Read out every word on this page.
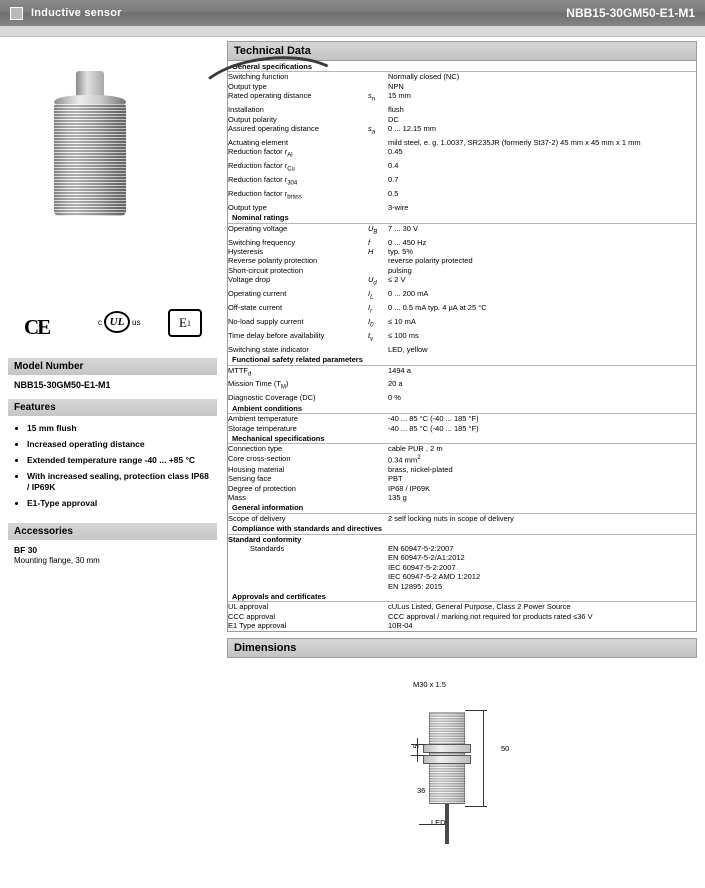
Inductive sensor	NBB15-30GM50-E1-M1
CE	c UL us	E 1
Model Number
NBB15-30GM50-E1-M1
Features
• 15 mm flush
• Increased operating distance
• Extended temperature range -40 ... +85 °C
• With increased sealing, protection class IP68 / IP69K
• E1-Type approval
Accessories
BF 30
Mounting flange, 30 mm
Technical Data
General specifications		
Switching function		Normally closed (NC)
Output type		NPN
Rated operating distance	$s_n$	15 mm
Installation		flush
Output polarity		DC
Assured operating distance	$s_a$	0 ... 12.15 mm
Actuating element		mild steel, e. g. 1.0037, SR235JR (formerly St37-2) 45 mm x 45 mm x 1 mm
Reduction factor $r_{Al}$		0.45
Reduction factor $r_{Cu}$		0.4
Reduction factor $r_{304}$		0.7
Reduction factor $r_{brass}$		0.5
Output type		3-wire
Nominal ratings		
Operating voltage	$U_B$	7 ... 30 V
Switching frequency	f	0 ... 450 Hz
Hysteresis	H	typ. 5%
Reverse polarity protection		reverse polarity protected
Short-circuit protection		pulsing
Voltage drop	$U_d$	≤ 2 V
Operating current	$I_L$	0 ... 200 mA
Off-state current	$I_r$	0 ... 0.5 mA typ. 4 µA at 25 °C
No-load supply current	$I_0$	≤ 10 mA
Time delay before availability	$t_v$	≤ 100 ms
Switching state indicator		LED, yellow
Functional safety related parameters		
$MTTF_d$		1494 a
Mission Time $(T_M)$		20 a
Diagnostic Coverage (DC)		0 %
Ambient conditions		
Ambient temperature		-40 ... 85 °C (-40 ... 185 °F)
Storage temperature		-40 ... 85 °C (-40 ... 185 °F)
Mechanical specifications		
Connection type		cable PUR , 2 m
Core cross-section		0.34 $mm^2$
Housing material		brass, nickel-plated
Sensing face		PBT
Degree of protection		IP68 / IP69K
Mass		135 g
General information		
Scope of delivery		2 self locking nuts in scope of delivery
Compliance with standards and directives		
Standard conformity		
Standards		EN 60947-5-2:2007
EN 60947-5-2/A1:2012
IEC 60947-5-2:2007
IEC 60947-5-2 AMD 1:2012
EN 12895: 2015
Approvals and certificates		
UL approval		cULus Listed, General Purpose, Class 2 Power Source
CCC approval		CCC approval / marking not required for products rated ≤36 V
E1 Type approval		10R-04
Dimensions
M30 x 1.5
50
5
36
LED
